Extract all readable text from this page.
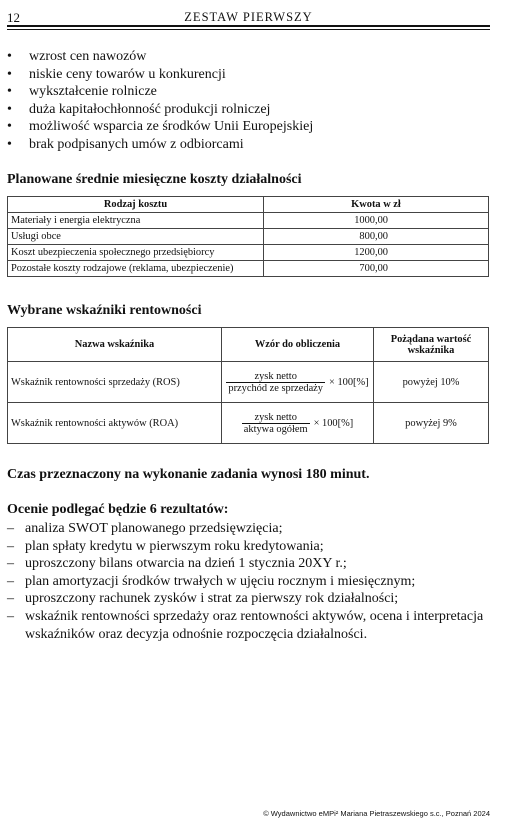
12	ZESTAW PIERWSZY
• wzrost cen nawozów
• niskie ceny towarów u konkurencji
• wykształcenie rolnicze
• duża kapitałochłonność produkcji rolniczej
• możliwość wsparcia ze środków Unii Europejskiej
• brak podpisanych umów z odbiorcami
Planowane średnie miesięczne koszty działalności
Rodzaj kosztu	Kwota w zł
Materiały i energia elektryczna	1000,00
Usługi obce	800,00
Koszt ubezpieczenia społecznego przedsiębiorcy	1200,00
Pozostałe koszty rodzajowe (reklama, ubezpieczenie)	700,00
Wybrane wskaźniki rentowności
Nazwa wskaźnika	Wzór do obliczenia	Pożądana wartość wskaźnika
Wskaźnik rentowności sprzedaży (ROS)	$\frac{\text{zysk netto}}{\text{przychód ze sprzedaży}} \times 100[\%]$	powyżej 10%
Wskaźnik rentowności aktywów (ROA)	$\frac{\text{zysk netto}}{\text{aktywa ogółem}} \times 100[\%]$	powyżej 9%

Czas przeznaczony na wykonanie zadania wynosi 180 minut.

Ocenie podlegać będzie 6 rezultatów:

– analiza SWOT planowanego przedsięwzięcia;
– plan spłaty kredytu w pierwszym roku kredytowania;
– uproszczony bilans otwarcia na dzień 1 stycznia 20XY r.;
– plan amortyzacji środków trwałych w ujęciu rocznym i miesięcznym;
– uproszczony rachunek zysków i strat za pierwszy rok działalności;
– wskaźnik rentowności sprzedaży oraz rentowności aktywów, ocena i interpretacja wskaźników oraz decyzja odnośnie rozpoczęcia działalności.
© Wydawnictwo eMPi² Mariana Pietraszewskiego s.c., Poznań 2024
